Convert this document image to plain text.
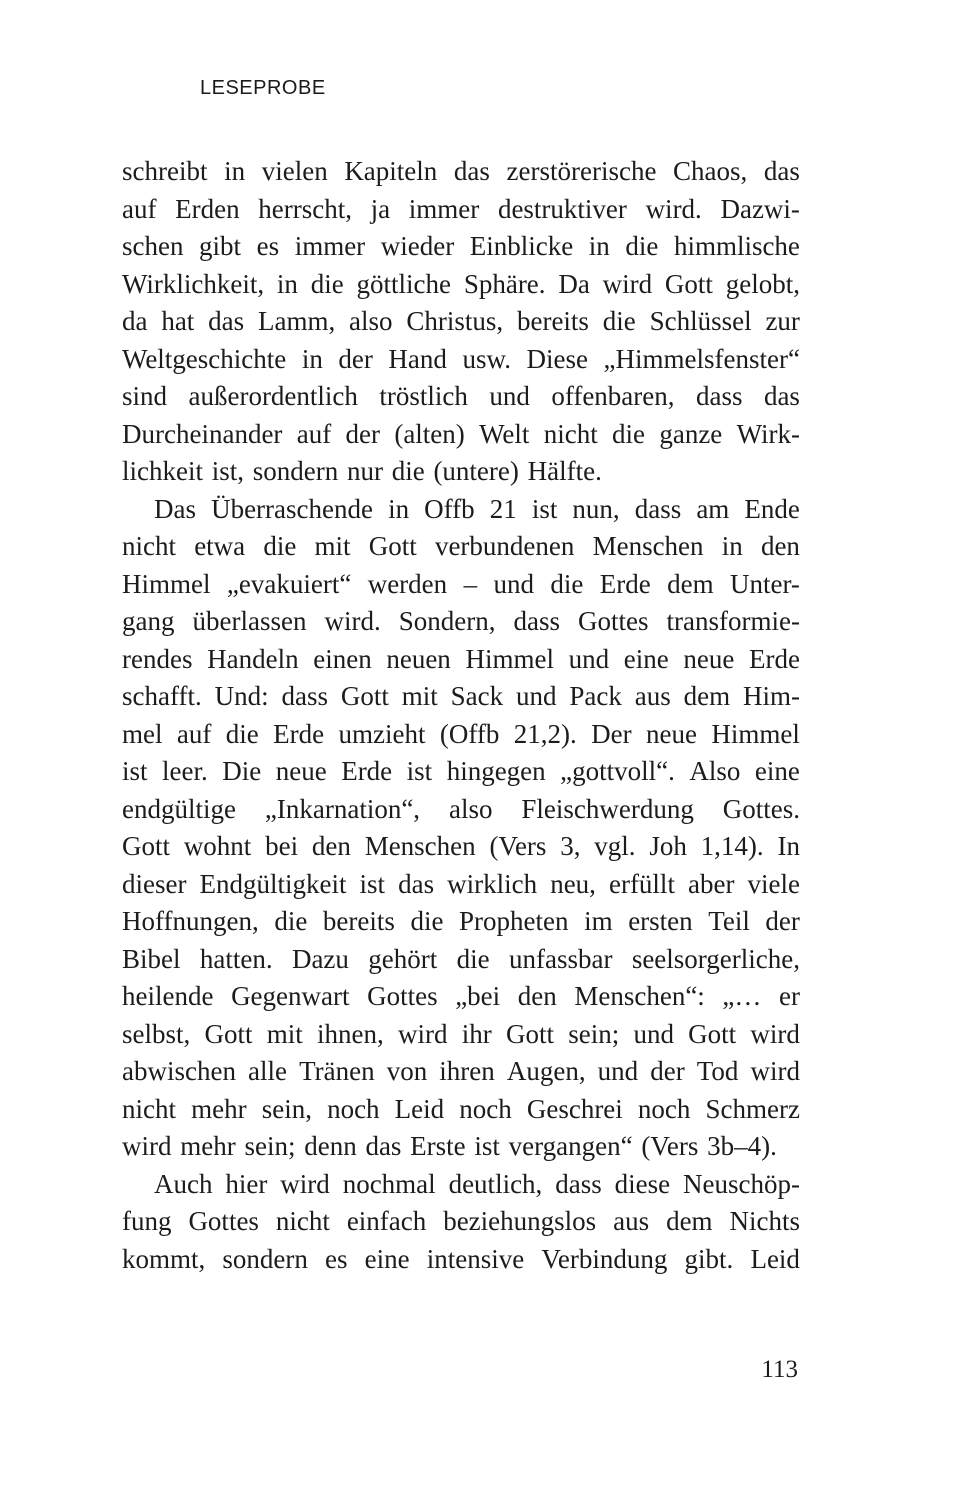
LESEPROBE
schreibt in vielen Kapiteln das zerstörerische Chaos, das
auf Erden herrscht, ja immer destruktiver wird. Dazwi-
schen gibt es immer wieder Einblicke in die himmlische
Wirklichkeit, in die göttliche Sphäre. Da wird Gott gelobt,
da hat das Lamm, also Christus, bereits die Schlüssel zur
Weltgeschichte in der Hand usw. Diese „Himmelsfenster“
sind außerordentlich tröstlich und offenbaren, dass das
Durcheinander auf der (alten) Welt nicht die ganze Wirk-
lichkeit ist, sondern nur die (untere) Hälfte.
Das Überraschende in Offb 21 ist nun, dass am Ende
nicht etwa die mit Gott verbundenen Menschen in den
Himmel „evakuiert“ werden – und die Erde dem Unter-
gang überlassen wird. Sondern, dass Gottes transformie-
rendes Handeln einen neuen Himmel und eine neue Erde
schafft. Und: dass Gott mit Sack und Pack aus dem Him-
mel auf die Erde umzieht (Offb 21,2). Der neue Himmel
ist leer. Die neue Erde ist hingegen „gottvoll“. Also eine
endgültige „Inkarnation“, also Fleischwerdung Gottes.
Gott wohnt bei den Menschen (Vers 3, vgl. Joh 1,14). In
dieser Endgültigkeit ist das wirklich neu, erfüllt aber viele
Hoffnungen, die bereits die Propheten im ersten Teil der
Bibel hatten. Dazu gehört die unfassbar seelsorgerliche,
heilende Gegenwart Gottes „bei den Menschen“: „… er
selbst, Gott mit ihnen, wird ihr Gott sein; und Gott wird
abwischen alle Tränen von ihren Augen, und der Tod wird
nicht mehr sein, noch Leid noch Geschrei noch Schmerz
wird mehr sein; denn das Erste ist vergangen“ (Vers 3b–4).
Auch hier wird nochmal deutlich, dass diese Neuschöp-
fung Gottes nicht einfach beziehungslos aus dem Nichts
kommt, sondern es eine intensive Verbindung gibt. Leid
113
